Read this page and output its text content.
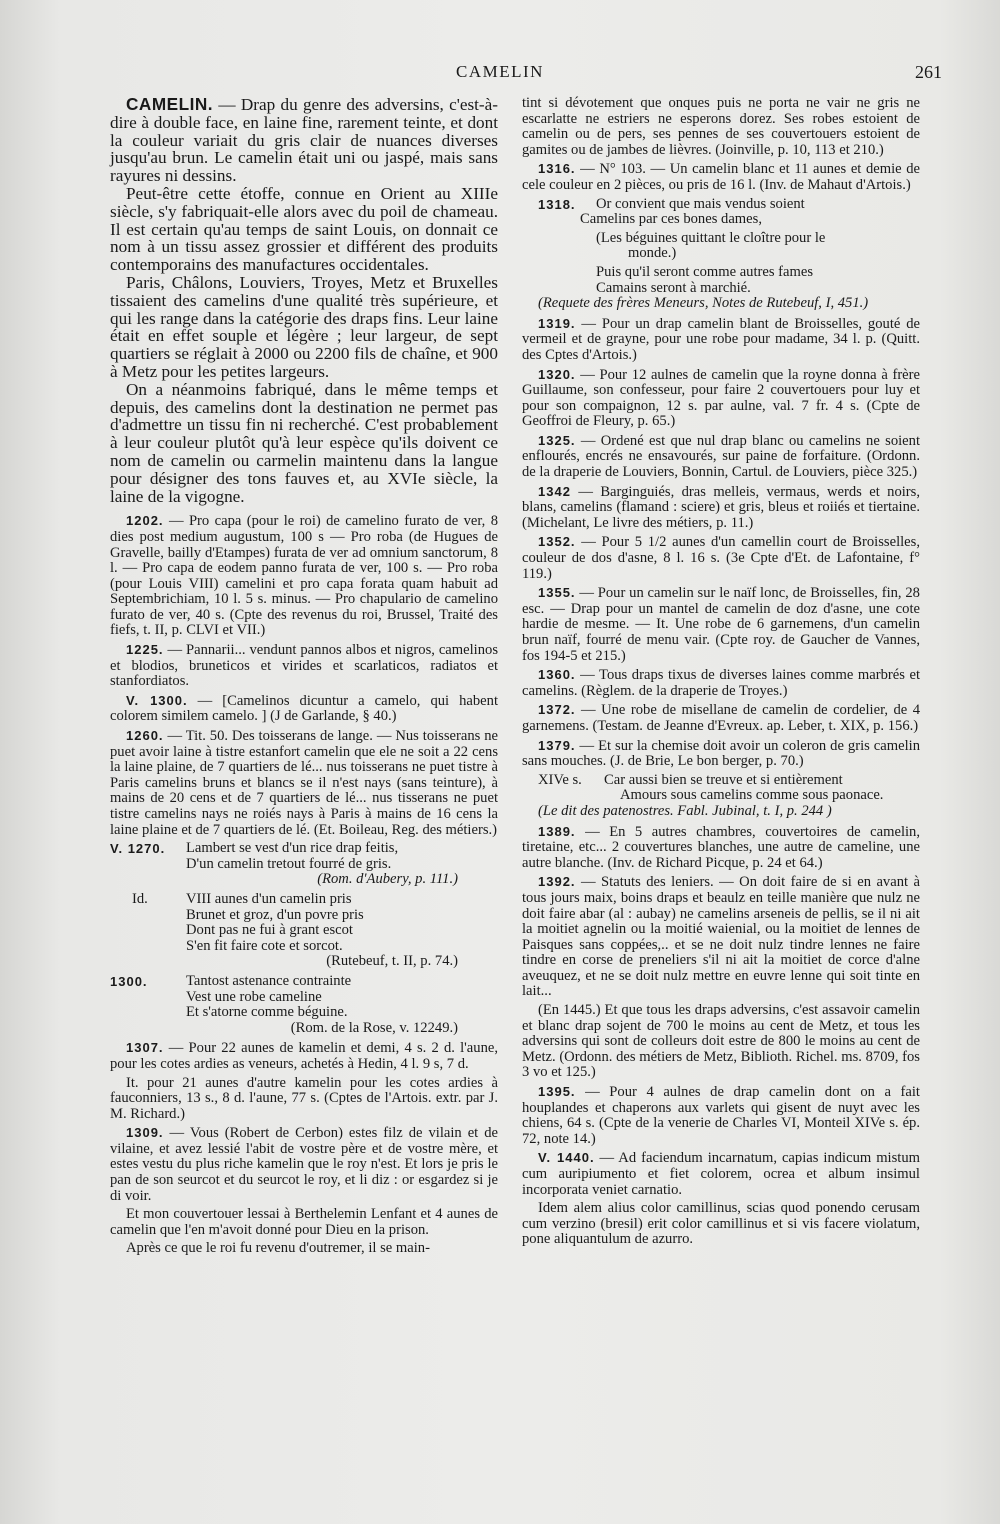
CAMELIN	261

CAMELIN. — Drap du genre des adversins, c'est-à-dire à double face, en laine fine, rarement teinte, et dont la couleur variait du gris clair de nuances diverses jusqu'au brun. Le camelin était uni ou jaspé, mais sans rayures ni dessins.

Peut-être cette étoffe, connue en Orient au XIIIe siècle, s'y fabriquait-elle alors avec du poil de chameau. Il est certain qu'au temps de saint Louis, on donnait ce nom à un tissu assez grossier et différent des produits contemporains des manufactures occidentales.

Paris, Châlons, Louviers, Troyes, Metz et Bruxelles tissaient des camelins d'une qualité très supérieure, et qui les range dans la catégorie des draps fins. Leur laine était en effet souple et légère ; leur largeur, de sept quartiers se réglait à 2000 ou 2200 fils de chaîne, et 900 à Metz pour les petites largeurs.

On a néanmoins fabriqué, dans le même temps et depuis, des camelins dont la destination ne permet pas d'admettre un tissu fin ni recherché. C'est probablement à leur couleur plutôt qu'à leur espèce qu'ils doivent ce nom de camelin ou carmelin maintenu dans la langue pour désigner des tons fauves et, au XVIe siècle, la laine de la vigogne.

1202. — Pro capa (pour le roi) de camelino furato de ver, 8 dies post medium augustum, 100 s — Pro roba (de Hugues de Gravelle, bailly d'Etampes) furata de ver ad omnium sanctorum, 8 l. — Pro capa de eodem panno furata de ver, 100 s. — Pro roba (pour Louis VIII) camelini et pro capa forata quam habuit ad Septembrichiam, 10 l. 5 s. minus. — Pro chapulario de camelino furato de ver, 40 s. (Cpte des revenus du roi, Brussel, Traité des fiefs, t. II, p. CLVI et VII.)

1225. — Pannarii... vendunt pannos albos et nigros, camelinos et blodios, bruneticos et virides et scarlaticos, radiatos et stanfordiatos.

V. 1300. — [Camelinos dicuntur a camelo, qui habent colorem similem camelo. ] (J de Garlande, § 40.)

1260. — Tit. 50. Des toisserans de lange. — Nus toisserans ne puet avoir laine à tistre estanfort camelin que ele ne soit a 22 cens la laine plaine, de 7 quartiers de lé... nus toisserans ne puet tistre à Paris camelins bruns et blancs se il n'est nays (sans teinture), à mains de 20 cens et de 7 quartiers de lé... nus tisserans ne puet tistre camelins nays ne roiés nays à Paris à mains de 16 cens la laine plaine et de 7 quartiers de lé. (Et. Boileau, Reg. des métiers.)

V. 1270.	Lambert se vest d'un rice drap feitis,
D'un camelin tretout fourré de gris.
(Rom. d'Aubery, p. 111.)
Id.	VIII aunes d'un camelin pris
Brunet et groz, d'un povre pris
Dont pas ne fui à grant escot
S'en fit faire cote et sorcot.
(Rutebeuf, t. II, p. 74.)
1300.	Tantost astenance contrainte
Vest une robe cameline
Et s'atorne comme béguine.
(Rom. de la Rose, v. 12249.)

1307. — Pour 22 aunes de kamelin et demi, 4 s. 2 d. l'aune, pour les cotes ardies as veneurs, achetés à Hedin, 4 l. 9 s, 7 d.

It. pour 21 aunes d'autre kamelin pour les cotes ardies à fauconniers, 13 s., 8 d. l'aune, 77 s. (Cptes de l'Artois. extr. par J. M. Richard.)

1309. — Vous (Robert de Cerbon) estes filz de vilain et de vilaine, et avez lessié l'abit de vostre père et de vostre mère, et estes vestu du plus riche kamelin que le roy n'est. Et lors je pris le pan de son seurcot et du seurcot le roy, et li diz : or esgardez si je di voir.

Et mon couvertouer lessai à Berthelemin Lenfant et 4 aunes de camelin que l'en m'avoit donné pour Dieu en la prison.

Après ce que le roi fu revenu d'outremer, il se main-

tint si dévotement que onques puis ne porta ne vair ne gris ne escarlatte ne estriers ne esperons dorez. Ses robes estoient de camelin ou de pers, ses pennes de ses couvertouers estoient de gamites ou de jambes de lièvres. (Joinville, p. 10, 113 et 210.)

1316. — N° 103. — Un camelin blanc et 11 aunes et demie de cele couleur en 2 pièces, ou pris de 16 l. (Inv. de Mahaut d'Artois.)

1318.	Or convient que mais vendus soient
Camelins par ces bones dames,
(Les béguines quittant le cloître pour le
monde.)
Puis qu'il seront comme autres fames
Camains seront à marchié.
(Requete des frères Meneurs, Notes de Rutebeuf, I, 451.)

1319. — Pour un drap camelin blant de Broisselles, gouté de vermeil et de grayne, pour une robe pour madame, 34 l. p. (Quitt. des Cptes d'Artois.)

1320. — Pour 12 aulnes de camelin que la royne donna à frère Guillaume, son confesseur, pour faire 2 couvertouers pour luy et pour son compaignon, 12 s. par aulne, val. 7 fr. 4 s. (Cpte de Geoffroi de Fleury, p. 65.)

1325. — Ordené est que nul drap blanc ou camelins ne soient enflourés, encrés ne ensavourés, sur paine de forfaiture. (Ordonn. de la draperie de Louviers, Bonnin, Cartul. de Louviers, pièce 325.)

1342 — Barginguiés, dras melleis, vermaus, werds et noirs, blans, camelins (flamand : sciere) et gris, bleus et roiiés et tiertaine. (Michelant, Le livre des métiers, p. 11.)

1352. — Pour 5 1/2 aunes d'un camellin court de Broisselles, couleur de dos d'asne, 8 l. 16 s. (3e Cpte d'Et. de Lafontaine, f° 119.)

1355. — Pour un camelin sur le naïf lonc, de Broisselles, fin, 28 esc. — Drap pour un mantel de camelin de doz d'asne, une cote hardie de mesme. — It. Une robe de 6 garnemens, d'un camelin brun naïf, fourré de menu vair. (Cpte roy. de Gaucher de Vannes, fos 194-5 et 215.)

1360. — Tous draps tixus de diverses laines comme marbrés et camelins. (Règlem. de la draperie de Troyes.)

1372. — Une robe de misellane de camelin de cordelier, de 4 garnemens. (Testam. de Jeanne d'Evreux. ap. Leber, t. XIX, p. 156.)

1379. — Et sur la chemise doit avoir un coleron de gris camelin sans mouches. (J. de Brie, Le bon berger, p. 70.)

XIVe s.	Car aussi bien se treuve et si entièrement
Amours sous camelins comme sous paonace.
(Le dit des patenostres. Fabl. Jubinal, t. I, p. 244 )

1389. — En 5 autres chambres, couvertoires de camelin, tiretaine, etc... 2 couvertures blanches, une autre de cameline, une autre blanche. (Inv. de Richard Picque, p. 24 et 64.)

1392. — Statuts des leniers. — On doit faire de si en avant à tous jours maix, boins draps et beaulz en teille manière que nulz ne doit faire abar (al : aubay) ne camelins arseneis de pellis, se il ni ait la moitiet agnelin ou la moitié waienial, ou la moitiet de lennes de Paisques sans coppées,.. et se ne doit nulz tindre lennes ne faire tindre en corse de preneliers s'il ni ait la moitiet de corce d'alne aveuquez, et ne se doit nulz mettre en euvre lenne qui soit tinte en lait...

(En 1445.) Et que tous les draps adversins, c'est assavoir camelin et blanc drap sojent de 700 le moins au cent de Metz, et tous les adversins qui sont de colleurs doit estre de 800 le moins au cent de Metz. (Ordonn. des métiers de Metz, Biblioth. Richel. ms. 8709, fos 3 vo et 125.)

1395. — Pour 4 aulnes de drap camelin dont on a fait houplandes et chaperons aux varlets qui gisent de nuyt avec les chiens, 64 s. (Cpte de la venerie de Charles VI, Monteil XIVe s. ép. 72, note 14.)

V. 1440. — Ad faciendum incarnatum, capias indicum mistum cum auripiumento et fiet colorem, ocrea et album insimul incorporata veniet carnatio.

Idem alem alius color camillinus, scias quod ponendo cerusam cum verzino (bresil) erit color camillinus et si vis facere violatum, pone aliquantulum de azurro.
